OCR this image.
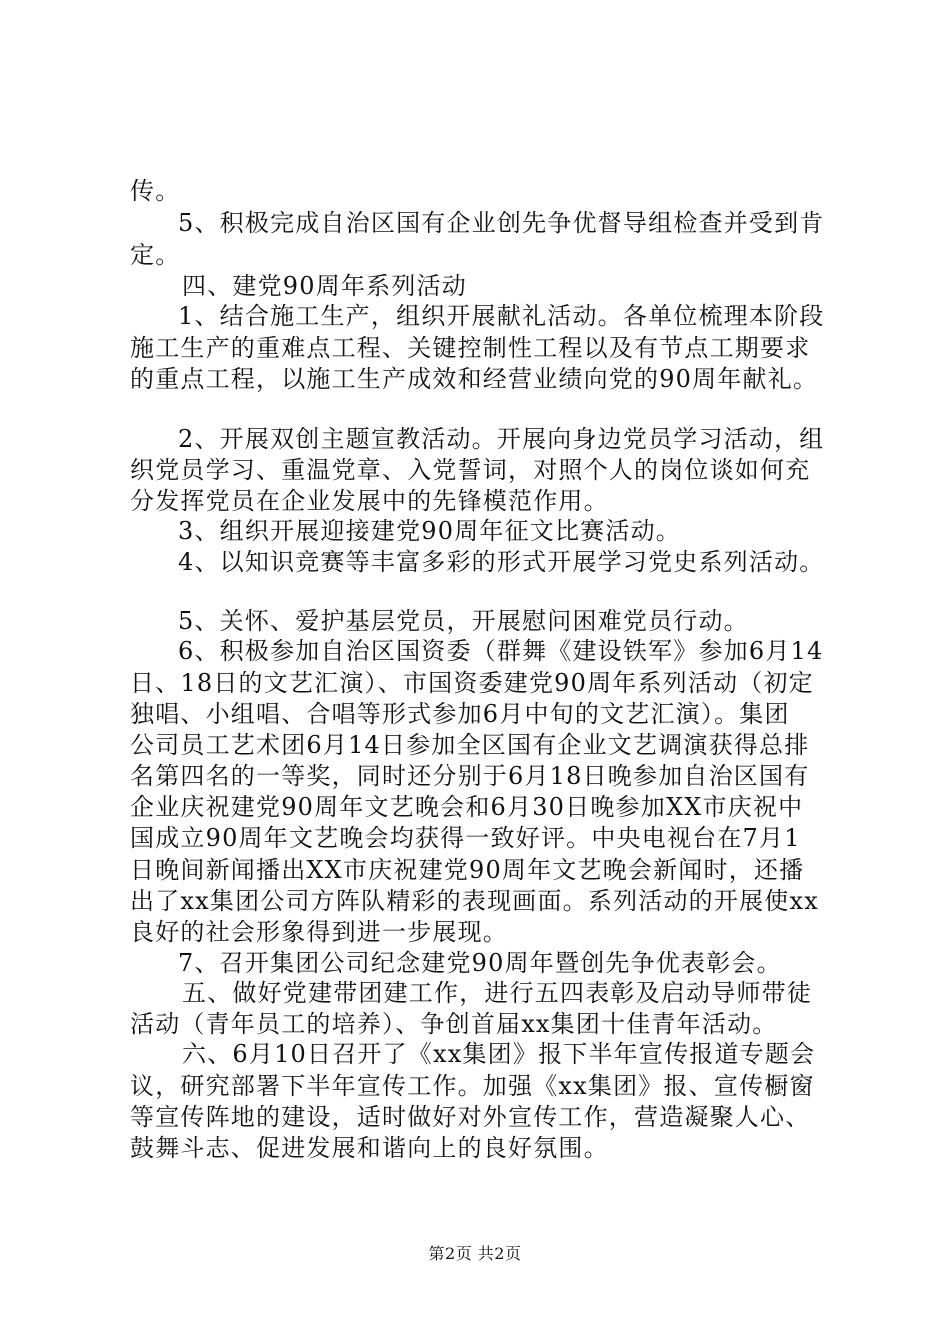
传。
5、积极完成自治区国有企业创先争优督导组检查并受到肯
定。
四、建党90周年系列活动
1、结合施工生产，组织开展献礼活动。各单位梳理本阶段
施工生产的重难点工程、关键控制性工程以及有节点工期要求
的重点工程，以施工生产成效和经营业绩向党的90周年献礼。
2、开展双创主题宣教活动。开展向身边党员学习活动，组
织党员学习、重温党章、入党誓词，对照个人的岗位谈如何充
分发挥党员在企业发展中的先锋模范作用。
3、组织开展迎接建党90周年征文比赛活动。
4、以知识竞赛等丰富多彩的形式开展学习党史系列活动。
5、关怀、爱护基层党员，开展慰问困难党员行动。
6、积极参加自治区国资委（群舞《建设铁军》参加6月14
日、18日的文艺汇演）、市国资委建党90周年系列活动（初定
独唱、小组唱、合唱等形式参加6月中旬的文艺汇演）。集团
公司员工艺术团6月14日参加全区国有企业文艺调演获得总排
名第四名的一等奖，同时还分别于6月18日晚参加自治区国有
企业庆祝建党90周年文艺晚会和6月30日晚参加XX市庆祝中
国成立90周年文艺晚会均获得一致好评。中央电视台在7月1
日晚间新闻播出XX市庆祝建党90周年文艺晚会新闻时，还播
出了xx集团公司方阵队精彩的表现画面。系列活动的开展使xx
良好的社会形象得到进一步展现。
7、召开集团公司纪念建党90周年暨创先争优表彰会。
五、做好党建带团建工作，进行五四表彰及启动导师带徒
活动（青年员工的培养）、争创首届xx集团十佳青年活动。
六、6月10日召开了《xx集团》报下半年宣传报道专题会
议，研究部署下半年宣传工作。加强《xx集团》报、宣传橱窗
等宣传阵地的建设，适时做好对外宣传工作，营造凝聚人心、
鼓舞斗志、促进发展和谐向上的良好氛围。
第2页 共2页
